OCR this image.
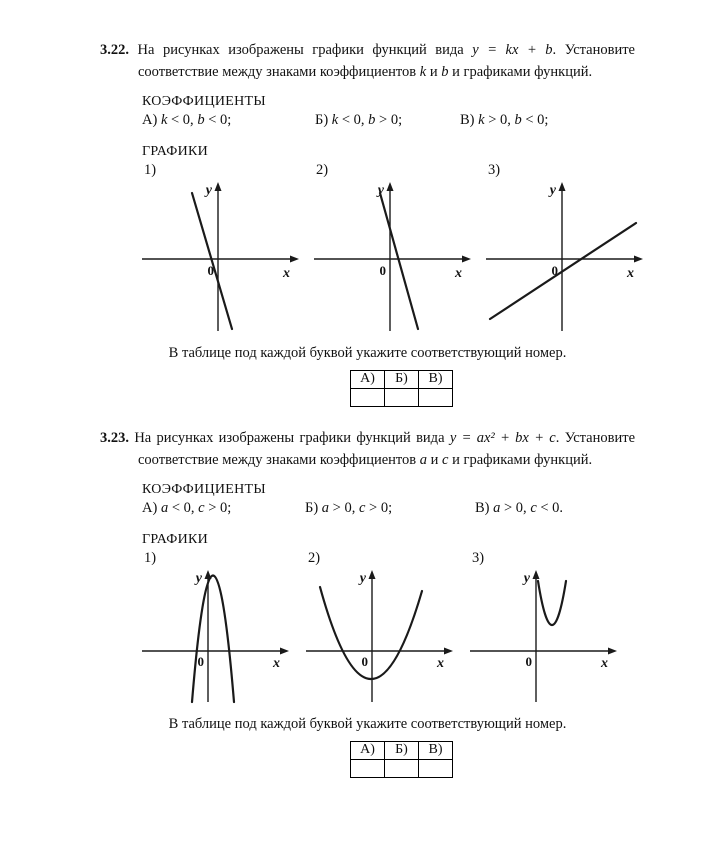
3.22. На рисунках изображены графики функций вида y = kx + b. Установите соответствие между знаками коэффициентов k и b и графиками функций.

КОЭФФИЦИЕНТЫ
А) k < 0, b < 0;	Б) k < 0, b > 0;	В) k > 0, b < 0;
ГРАФИКИ
1)
y
x
0
2)
y
x
0
3)
y
x
0
В таблице под каждой буквой укажите соответствующий номер.
А)	Б)	В)

3.23. На рисунках изображены графики функций вида y = ax² + bx + c. Установите соответствие между знаками коэффициентов a и c и графиками функций.

КОЭФФИЦИЕНТЫ
А) a < 0, c > 0;	Б) a > 0, c > 0;	В) a > 0, c < 0.
ГРАФИКИ
1)
y
x
0
2)
y
x
0
3)
y
x
0
В таблице под каждой буквой укажите соответствующий номер.
А)	Б)	В)
